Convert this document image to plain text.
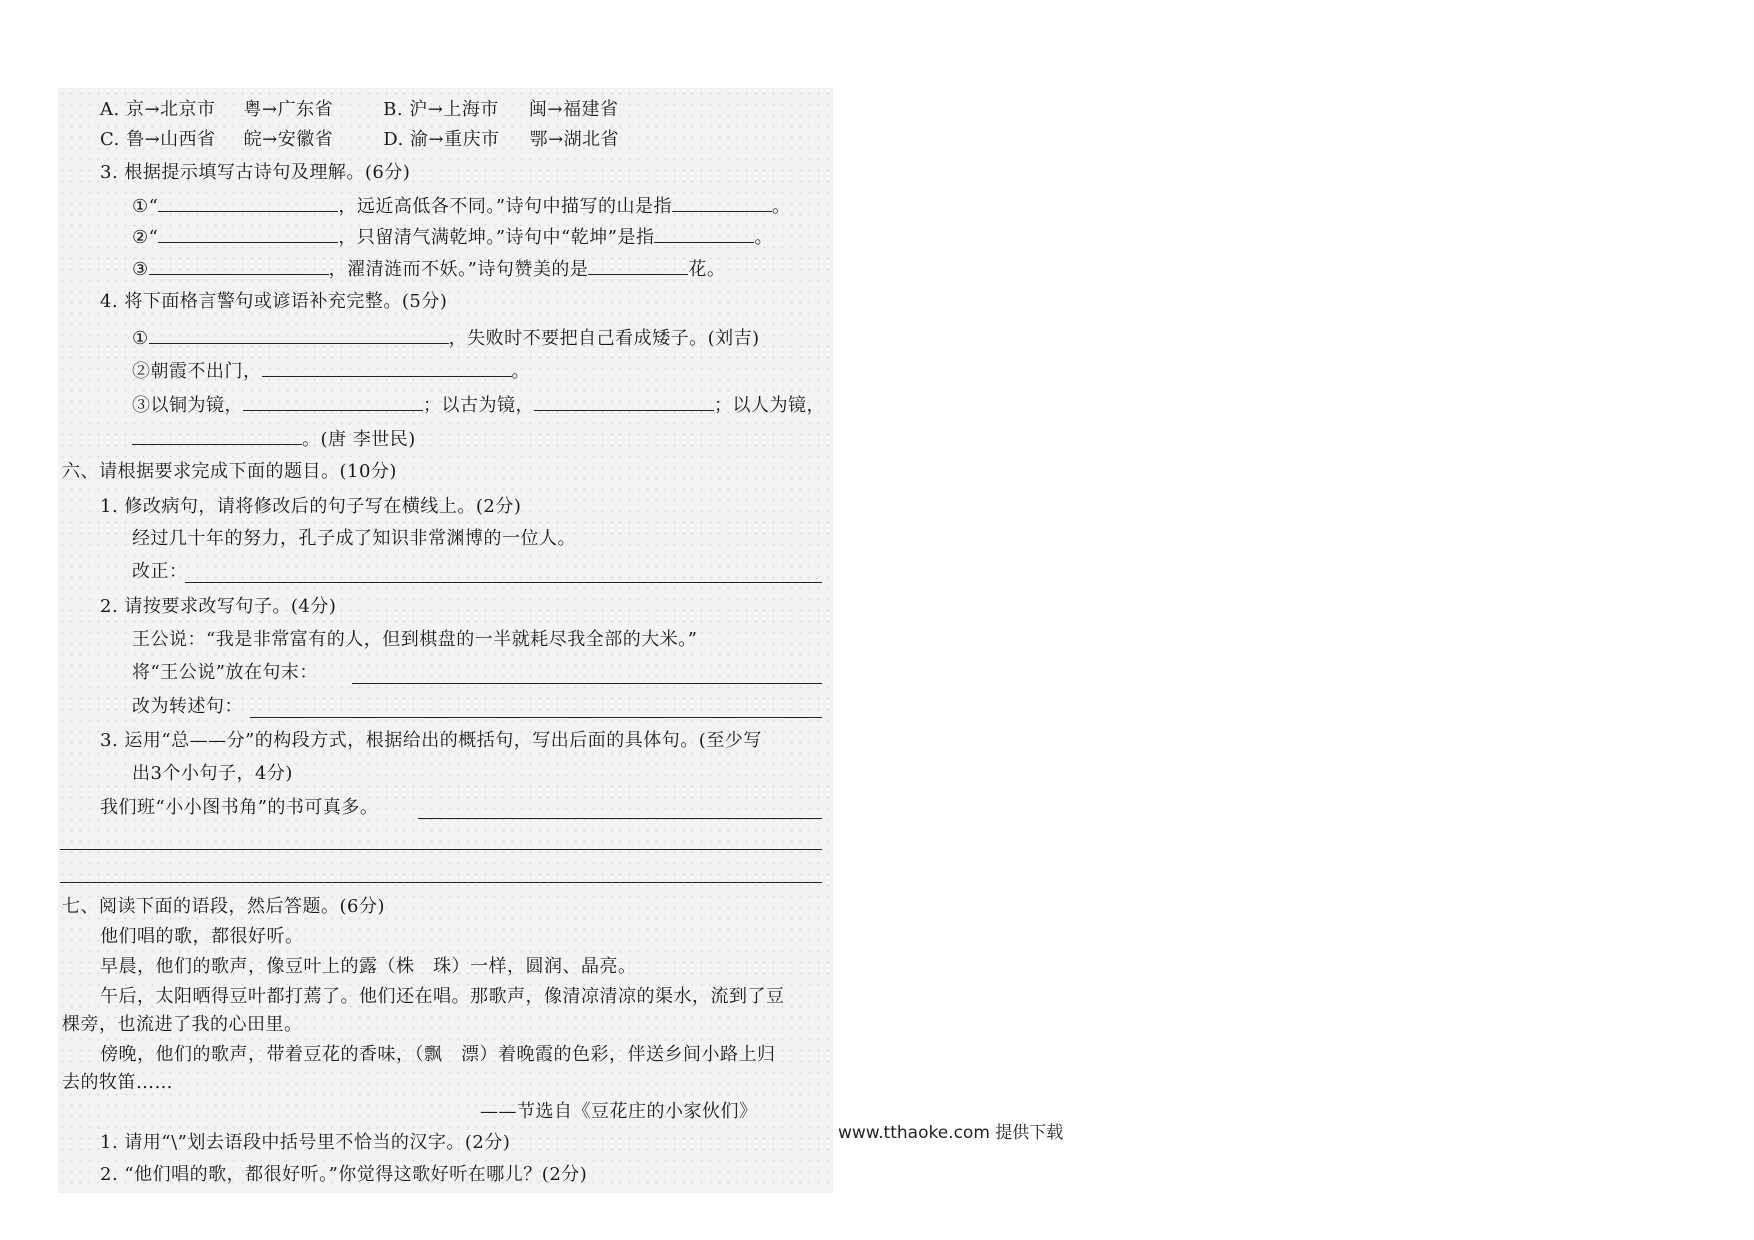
A. 京→北京市 粤→广东省	B. 沪→上海市 闽→福建省
C. 鲁→山西省 皖→安徽省	D. 渝→重庆市 鄂→湖北省
3. 根据提示填写古诗句及理解。(6分)
①“	，远近高低各不同。”诗句中描写的山是指	。
②“	，只留清气满乾坤。”诗句中“乾坤”是指	。
③	，濯清涟而不妖。”诗句赞美的是	花。
4. 将下面格言警句或谚语补充完整。(5分)
①	，失败时不要把自己看成矮子。(刘吉)
②朝霞不出门，	。
③以铜为镜，	；以古为镜，	；以人为镜，
。(唐 李世民)
六、请根据要求完成下面的题目。(10分)
1. 修改病句，请将修改后的句子写在横线上。(2分)
经过几十年的努力，孔子成了知识非常渊博的一位人。
改正：
2. 请按要求改写句子。(4分)
王公说：“我是非常富有的人，但到棋盘的一半就耗尽我全部的大米。”
将“王公说”放在句末：
改为转述句：
3. 运用“总——分”的构段方式，根据给出的概括句，写出后面的具体句。(至少写
出3个小句子，4分)
我们班“小小图书角”的书可真多。
七、阅读下面的语段，然后答题。(6分)
他们唱的歌，都很好听。
早晨，他们的歌声，像豆叶上的露（株　珠）一样，圆润、晶亮。
午后，太阳晒得豆叶都打蔫了。他们还在唱。那歌声，像清凉清凉的渠水，流到了豆
棵旁，也流进了我的心田里。
傍晚，他们的歌声，带着豆花的香味，（飘　漂）着晚霞的色彩，伴送乡间小路上归
去的牧笛……
——节选自《豆花庄的小家伙们》
1. 请用“\”划去语段中括号里不恰当的汉字。(2分)
2. “他们唱的歌，都很好听。”你觉得这歌好听在哪儿？(2分)
www.tthaoke.com 提供下载
